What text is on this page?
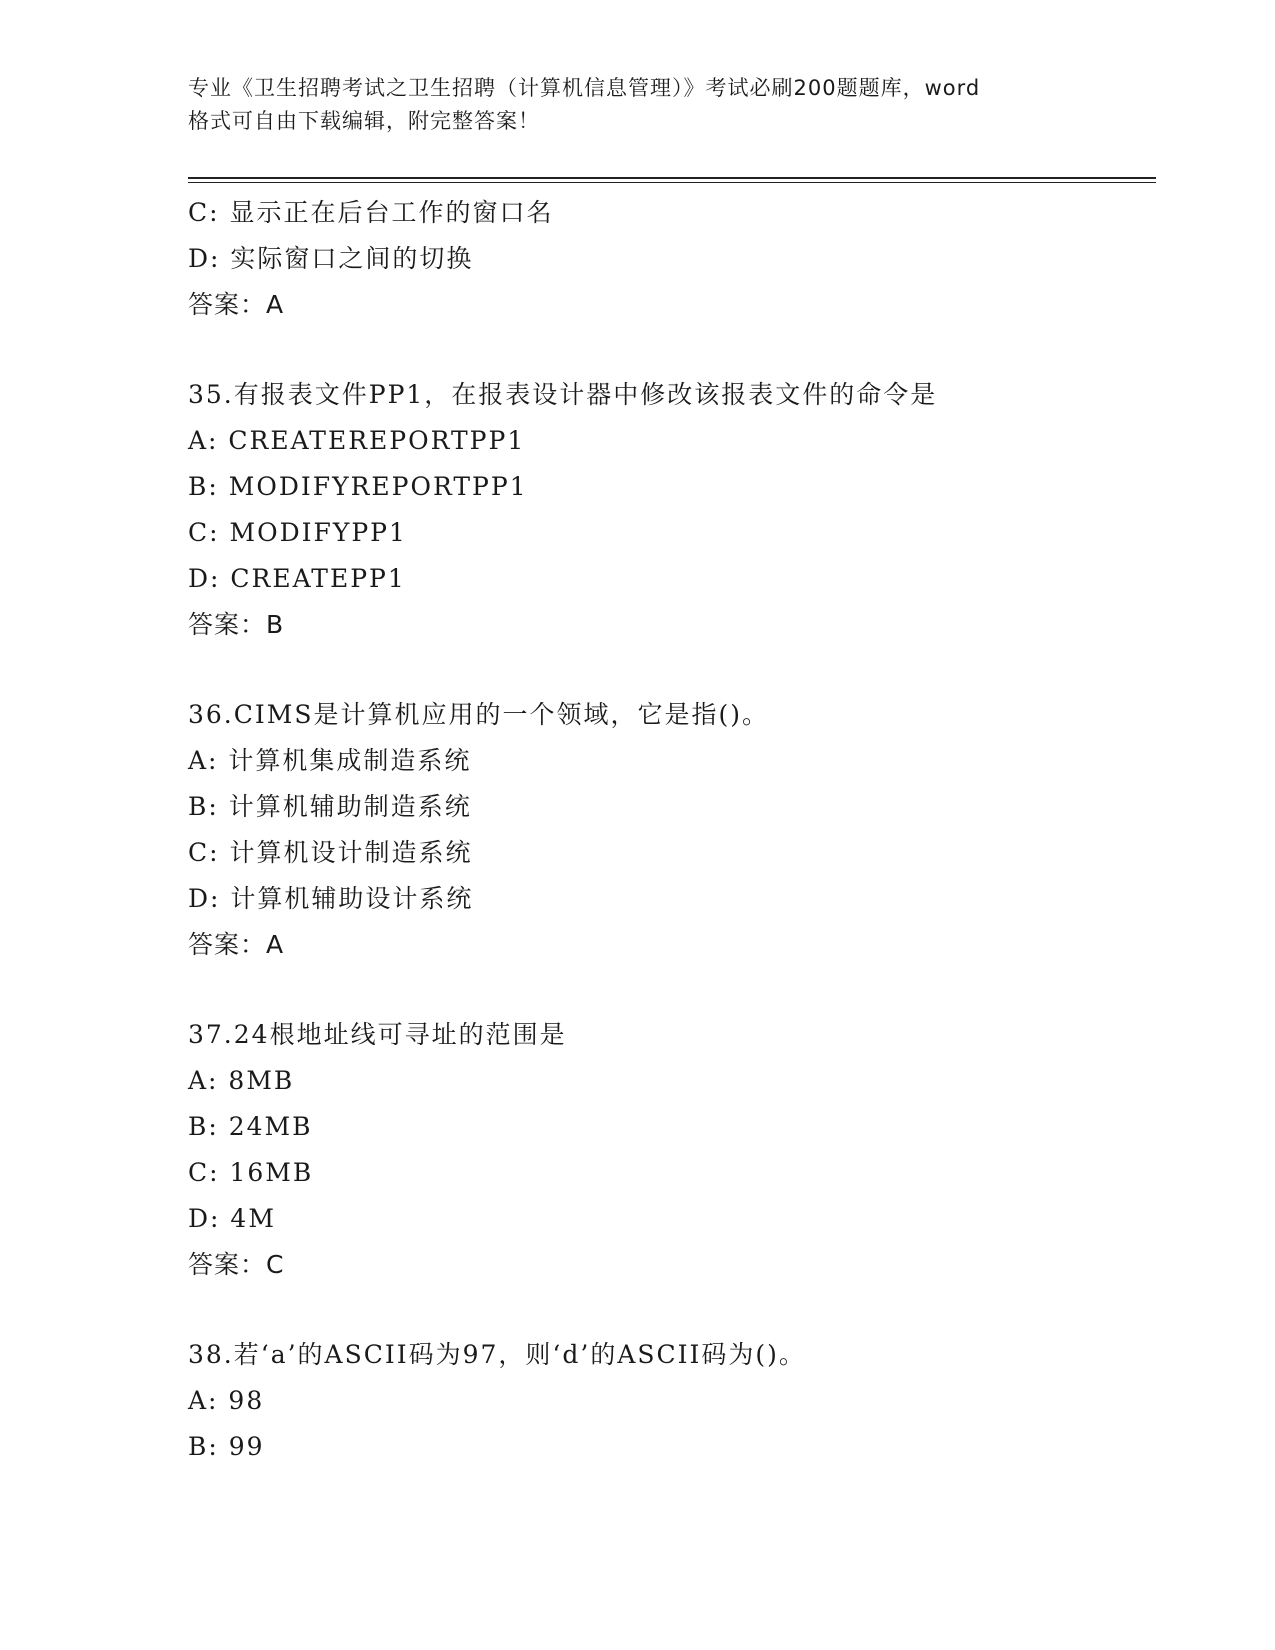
专业《卫生招聘考试之卫生招聘（计算机信息管理）》考试必刷200题题库，word
格式可自由下载编辑，附完整答案！
C: 显示正在后台工作的窗口名
D: 实际窗口之间的切换
答案：A
35.有报表文件PP1，在报表设计器中修改该报表文件的命令是
A: CREATEREPORTPP1
B: MODIFYREPORTPP1
C: MODIFYPP1
D: CREATEPP1
答案：B
36.CIMS是计算机应用的一个领域，它是指()。
A: 计算机集成制造系统
B: 计算机辅助制造系统
C: 计算机设计制造系统
D: 计算机辅助设计系统
答案：A
37.24根地址线可寻址的范围是
A: 8MB
B: 24MB
C: 16MB
D: 4M
答案：C
38.若‘a’的ASCII码为97，则‘d’的ASCII码为()。
A: 98
B: 99
